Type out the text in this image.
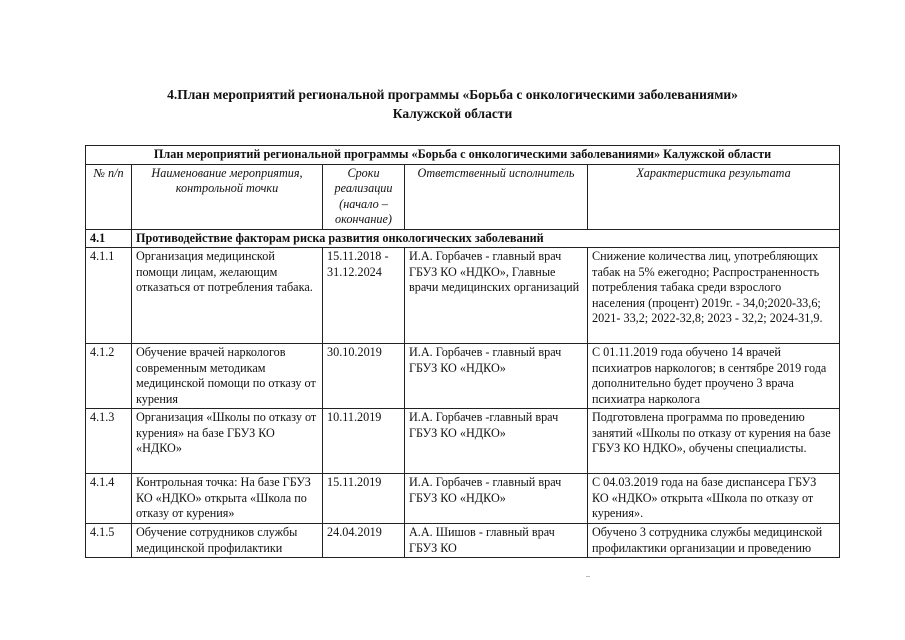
4.План мероприятий региональной программы «Борьба с онкологическими заболеваниями»
Калужской области
План мероприятий региональной программы «Борьба с онкологическими заболеваниями» Калужской области				
№ п/п	Наименование мероприятия, контрольной точки	Сроки реализации (начало – окончание)	Ответственный исполнитель	Характеристика результата
4.1	Противодействие факторам риска развития онкологических заболеваний			
4.1.1	Организация медицинской помощи лицам, желающим отказаться от потребления табака.	15.11.2018 - 31.12.2024	И.А. Горбачев - главный врач ГБУЗ КО «НДКО», Главные врачи медицинских организаций	Снижение количества лиц, употребляющих табак на 5% ежегодно; Распространенность потребления табака среди взрослого населения (процент) 2019г. - 34,0;2020-33,6; 2021- 33,2; 2022-32,8; 2023 - 32,2; 2024-31,9.
4.1.2	Обучение врачей наркологов современным методикам медицинской помощи по отказу от курения	30.10.2019	И.А. Горбачев - главный врач ГБУЗ КО «НДКО»	С 01.11.2019 года обучено 14 врачей психиатров наркологов; в сентябре 2019 года дополнительно будет проучено 3 врача психиатра нарколога
4.1.3	Организация «Школы по отказу от курения» на базе ГБУЗ КО «НДКО»	10.11.2019	И.А. Горбачев -главный врач ГБУЗ КО «НДКО»	Подготовлена программа по проведению занятий «Школы по отказу от курения на базе ГБУЗ КО НДКО», обучены специалисты.
4.1.4	Контрольная точка: На базе ГБУЗ КО «НДКО» открыта «Школа по отказу от курения»	15.11.2019	И.А. Горбачев - главный врач ГБУЗ КО «НДКО»	С 04.03.2019 года на базе диспансера ГБУЗ КО «НДКО» открыта «Школа по отказу от курения».
4.1.5	Обучение сотрудников службы медицинской профилактики	24.04.2019	А.А. Шишов - главный врач ГБУЗ КО	Обучено 3 сотрудника службы медицинской профилактики организации и проведению
